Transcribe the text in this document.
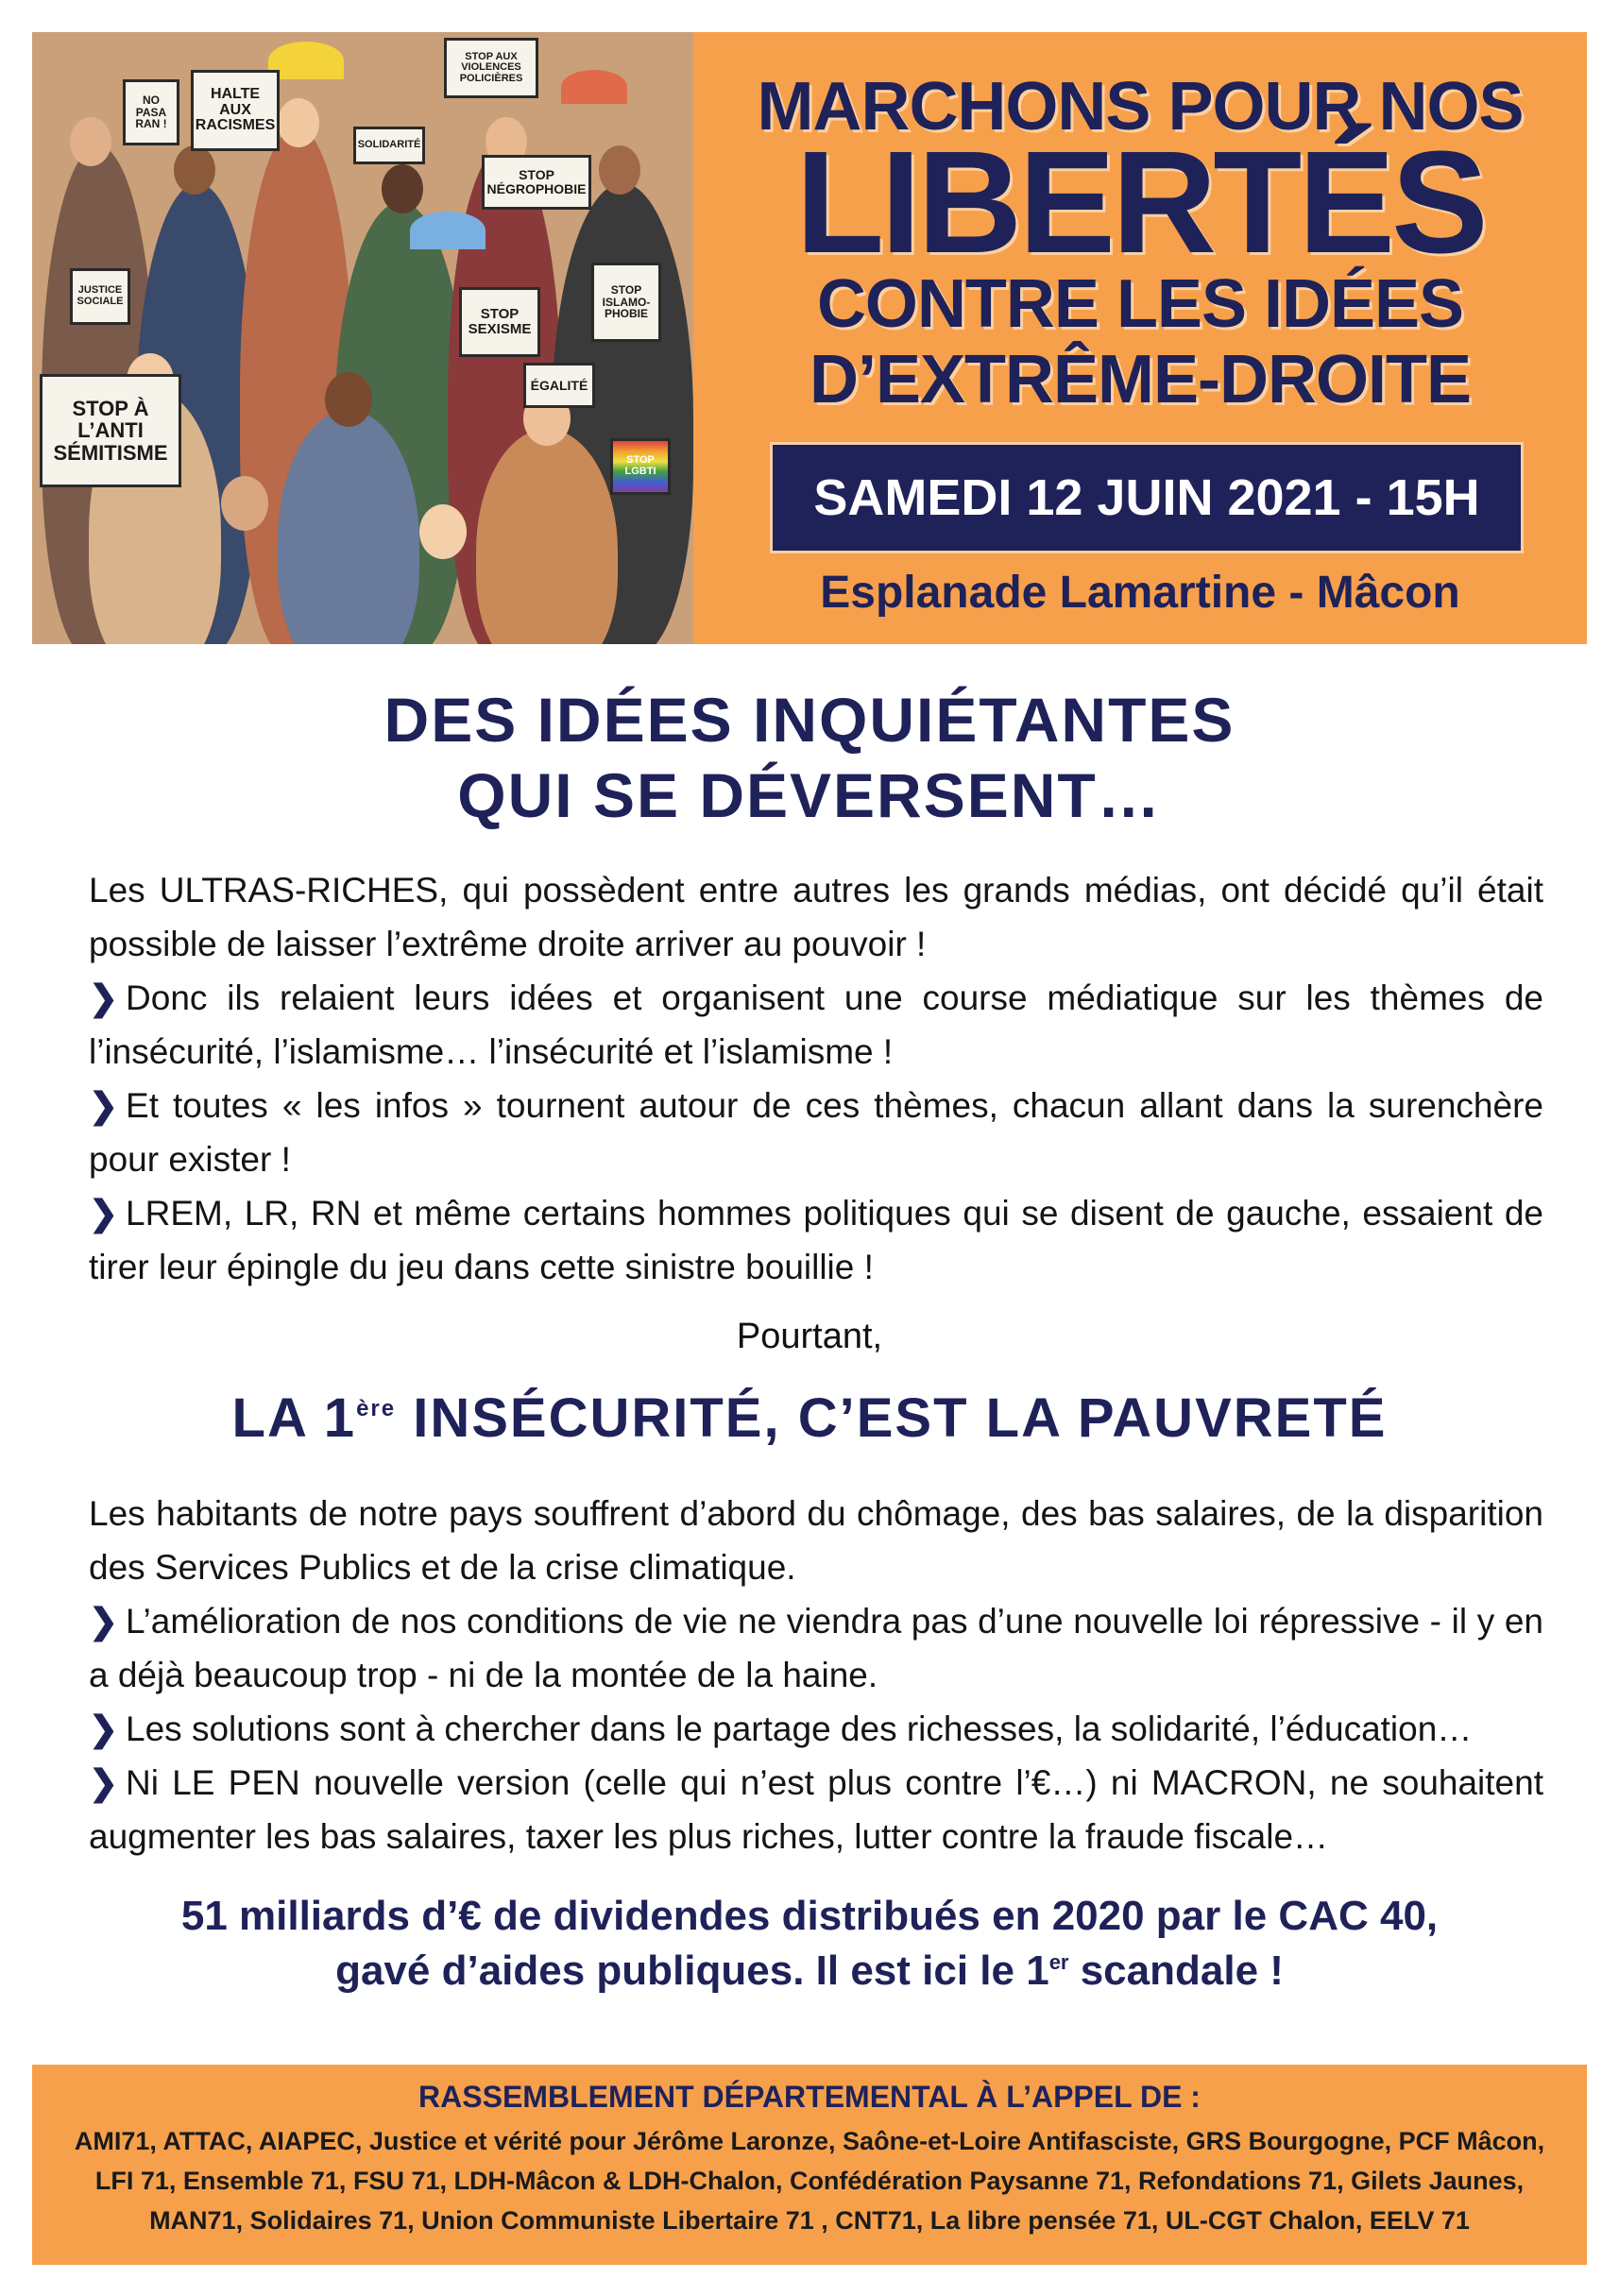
NO PASA RAN !
HALTE AUX RACISMES
SOLIDARITÉ
STOP AUX VIOLENCES POLICIÈRES
STOP NÉGROPHOBIE
JUSTICE SOCIALE
STOP SEXISME
STOP ISLAMO-PHOBIE
ÉGALITÉ
STOP À L’ANTI SÉMITISME	STOP LGBTI
MARCHONS POUR NOS
LIBERTÉS
CONTRE LES IDÉES
D’EXTRÊME-DROITE
SAMEDI 12 JUIN 2021 - 15H
Esplanade Lamartine - Mâcon
DES IDÉES INQUIÉTANTES
QUI SE DÉVERSENT…
Les ULTRAS-RICHES, qui possèdent entre autres les grands médias, ont décidé qu’il était possible de laisser l’extrême droite arriver au pouvoir !
❯ Donc ils relaient leurs idées et organisent une course médiatique sur les thèmes de l’insécurité, l’islamisme… l’insécurité et l’islamisme !
❯ Et toutes « les infos » tournent autour de ces thèmes, chacun allant dans la surenchère pour exister !
❯ LREM, LR, RN et même certains hommes politiques qui se disent de gauche, essaient de tirer leur épingle du jeu dans cette sinistre bouillie !
Pourtant,
LA 1ère INSÉCURITÉ, C’EST LA PAUVRETÉ
Les habitants de notre pays souffrent d’abord du chômage, des bas salaires, de la disparition des Services Publics et de la crise climatique.
❯ L’amélioration de nos conditions de vie ne viendra pas d’une nouvelle loi répressive - il y en a déjà beaucoup trop - ni de la montée de la haine.
❯ Les solutions sont à chercher dans le partage des richesses, la solidarité, l’éducation…
❯ Ni LE PEN nouvelle version (celle qui n’est plus contre l’€…) ni MACRON, ne souhaitent augmenter les bas salaires, taxer les plus riches, lutter contre la fraude fiscale…
51 milliards d’€ de dividendes distribués en 2020 par le CAC 40,
gavé d’aides publiques. Il est ici le 1er scandale !
RASSEMBLEMENT DÉPARTEMENTAL À L’APPEL DE :
AMI71, ATTAC, AIAPEC, Justice et vérité pour Jérôme Laronze, Saône-et-Loire Antifasciste, GRS Bourgogne, PCF Mâcon, LFI 71, Ensemble 71, FSU 71, LDH-Mâcon & LDH-Chalon, Confédération Paysanne 71, Refondations 71, Gilets Jaunes, MAN71, Solidaires 71, Union Communiste Libertaire 71 , CNT71, La libre pensée 71, UL-CGT Chalon, EELV 71
